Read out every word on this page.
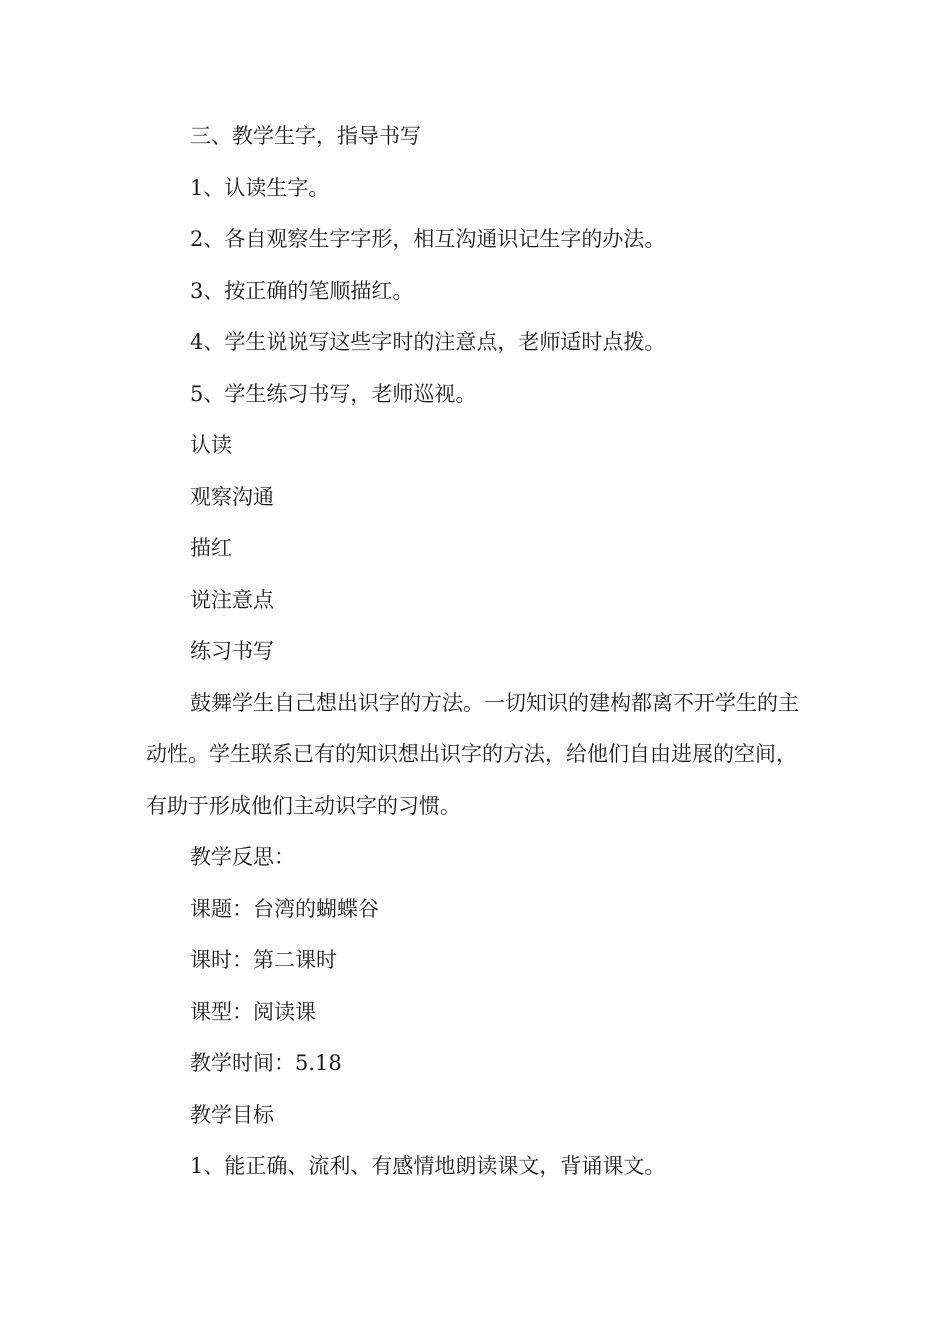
三、教学生字，指导书写

1、认读生字。

2、各自观察生字字形，相互沟通识记生字的办法。

3、按正确的笔顺描红。

4、学生说说写这些字时的注意点，老师适时点拨。

5、学生练习书写，老师巡视。

认读

观察沟通

描红

说注意点

练习书写

鼓舞学生自己想出识字的方法。一切知识的建构都离不开学生的主动性。学生联系已有的知识想出识字的方法，给他们自由进展的空间，有助于形成他们主动识字的习惯。

教学反思：

课题：台湾的蝴蝶谷

课时：第二课时

课型：阅读课

教学时间：5.18

教学目标

1、能正确、流利、有感情地朗读课文，背诵课文。
